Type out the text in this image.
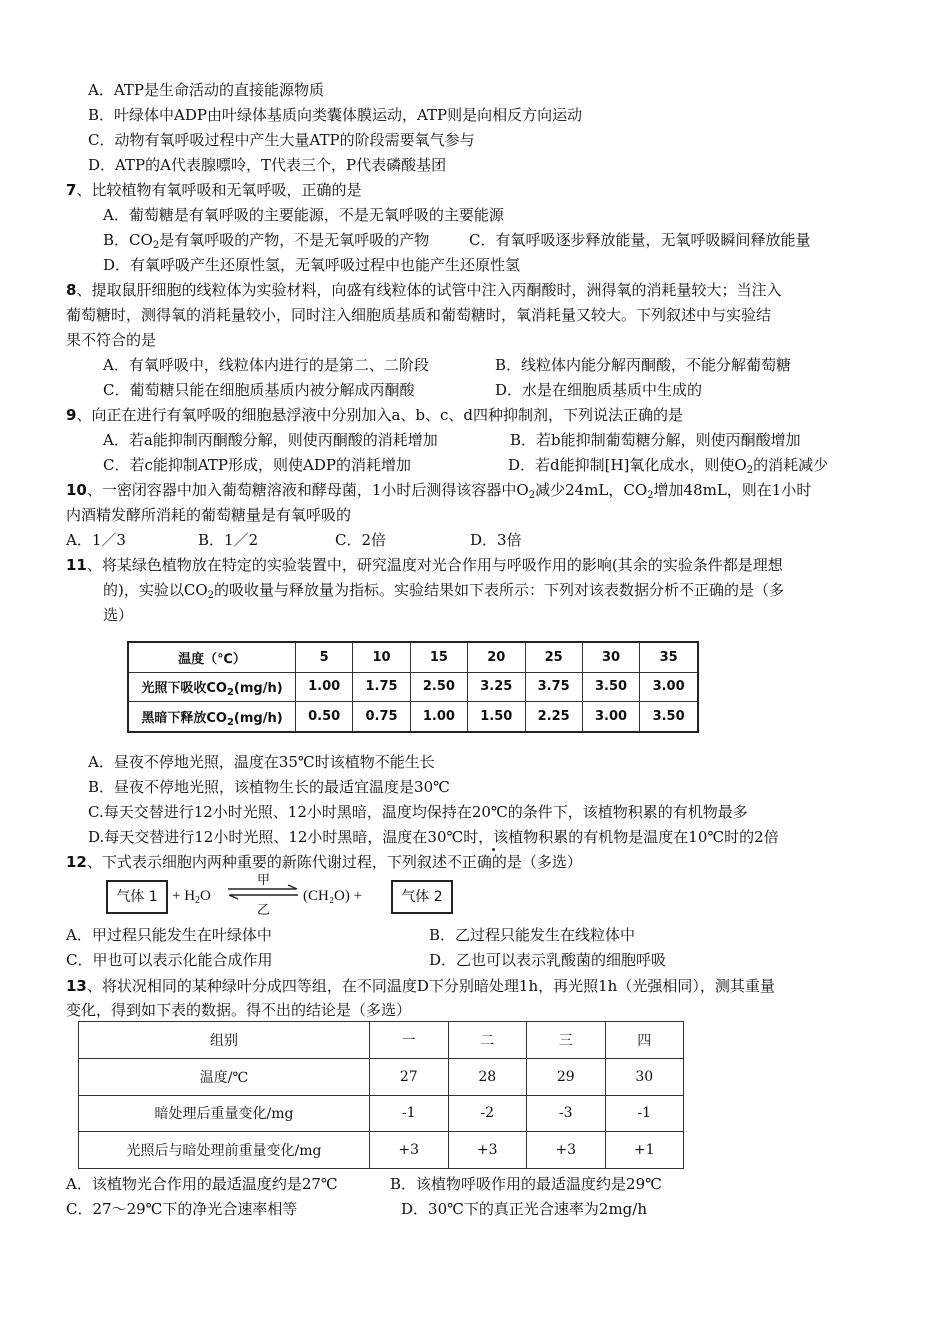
A．ATP是生命活动的直接能源物质
B．叶绿体中ADP由叶绿体基质向类囊体膜运动，ATP则是向相反方向运动
C．动物有氧呼吸过程中产生大量ATP的阶段需要氧气参与
D．ATP的A代表腺嘌呤，T代表三个，P代表磷酸基团
7、比较植物有氧呼吸和无氧呼吸，正确的是
A．葡萄糖是有氧呼吸的主要能源，不是无氧呼吸的主要能源
B．$CO_2$是有氧呼吸的产物，不是无氧呼吸的产物	C．有氧呼吸逐步释放能量，无氧呼吸瞬间释放能量
D．有氧呼吸产生还原性氢，无氧呼吸过程中也能产生还原性氢
8、提取鼠肝细胞的线粒体为实验材料，向盛有线粒体的试管中注入丙酮酸时，洲得氧的消耗量较大；当注入
葡萄糖时，测得氧的消耗量较小，同时注入细胞质基质和葡萄糖时，氧消耗量又较大。下列叙述中与实验结
果不符合的是
A．有氧呼吸中，线粒体内进行的是第二、二阶段	B．线粒体内能分解丙酮酸，不能分解葡萄糖
C．葡萄糖只能在细胞质基质内被分解成丙酮酸	D．水是在细胞质基质中生成的
9、向正在进行有氧呼吸的细胞悬浮液中分别加入a、b、c、d四种抑制剂，下列说法正确的是
A．若a能抑制丙酮酸分解，则使丙酮酸的消耗增加	B．若b能抑制葡萄糖分解，则使丙酮酸增加
C．若c能抑制ATP形成，则使ADP的消耗增加	D．若d能抑制[H]氧化成水，则使$O_2$的消耗减少
10、一密闭容器中加入葡萄糖溶液和酵母菌，1小时后测得该容器中$O_2$减少24mL，$CO_2$增加48mL，则在1小时
内酒精发酵所消耗的葡萄糖量是有氧呼吸的
A．1／3	B．1／2	C．2倍	D．3倍
11、将某绿色植物放在特定的实验装置中，研究温度对光合作用与呼吸作用的影响(其余的实验条件都是理想
的)，实验以$CO_2$的吸收量与释放量为指标。实验结果如下表所示：下列对该表数据分析不正确的是（多
选）
温度（℃）	5	10	15	20	25	30	35
光照下吸收$CO_2(mg/h)$	1.00	1.75	2.50	3.25	3.75	3.50	3.00
黑暗下释放$CO_2(mg/h)$	0.50	0.75	1.00	1.50	2.25	3.00	3.50
A．昼夜不停地光照，温度在35℃时该植物不能生长
B．昼夜不停地光照，该植物生长的最适宜温度是30℃
C.每天交替进行12小时光照、12小时黑暗，温度均保持在20℃的条件下，该植物积累的有机物最多
D.每天交替进行12小时光照、12小时黑暗，温度在30℃时，该植物积累的有机物是温度在10℃时的2倍
12、下式表示细胞内两种重要的新陈代谢过程，下列叙述不正确的是（多选）
气体 $1 + H_2O$
甲
乙
(CH₂O) +	气体 2
A．甲过程只能发生在叶绿体中	B．乙过程只能发生在线粒体中
C．甲也可以表示化能合成作用	D．乙也可以表示乳酸菌的细胞呼吸
13、将状况相同的某种绿叶分成四等组，在不同温度D下分别暗处理1h，再光照1h（光强相同），测其重量
变化，得到如下表的数据。得不出的结论是（多选）
组别	一	二	三	四
温度/℃	27	28	29	30
暗处理后重量变化/mg	-1	-2	-3	-1
光照后与暗处理前重量变化/mg	+3	+3	+3	+1
A．该植物光合作用的最适温度约是27℃	B．该植物呼吸作用的最适温度约是29℃
C．27～29℃下的净光合速率相等	D．30℃下的真正光合速率为2mg/h
